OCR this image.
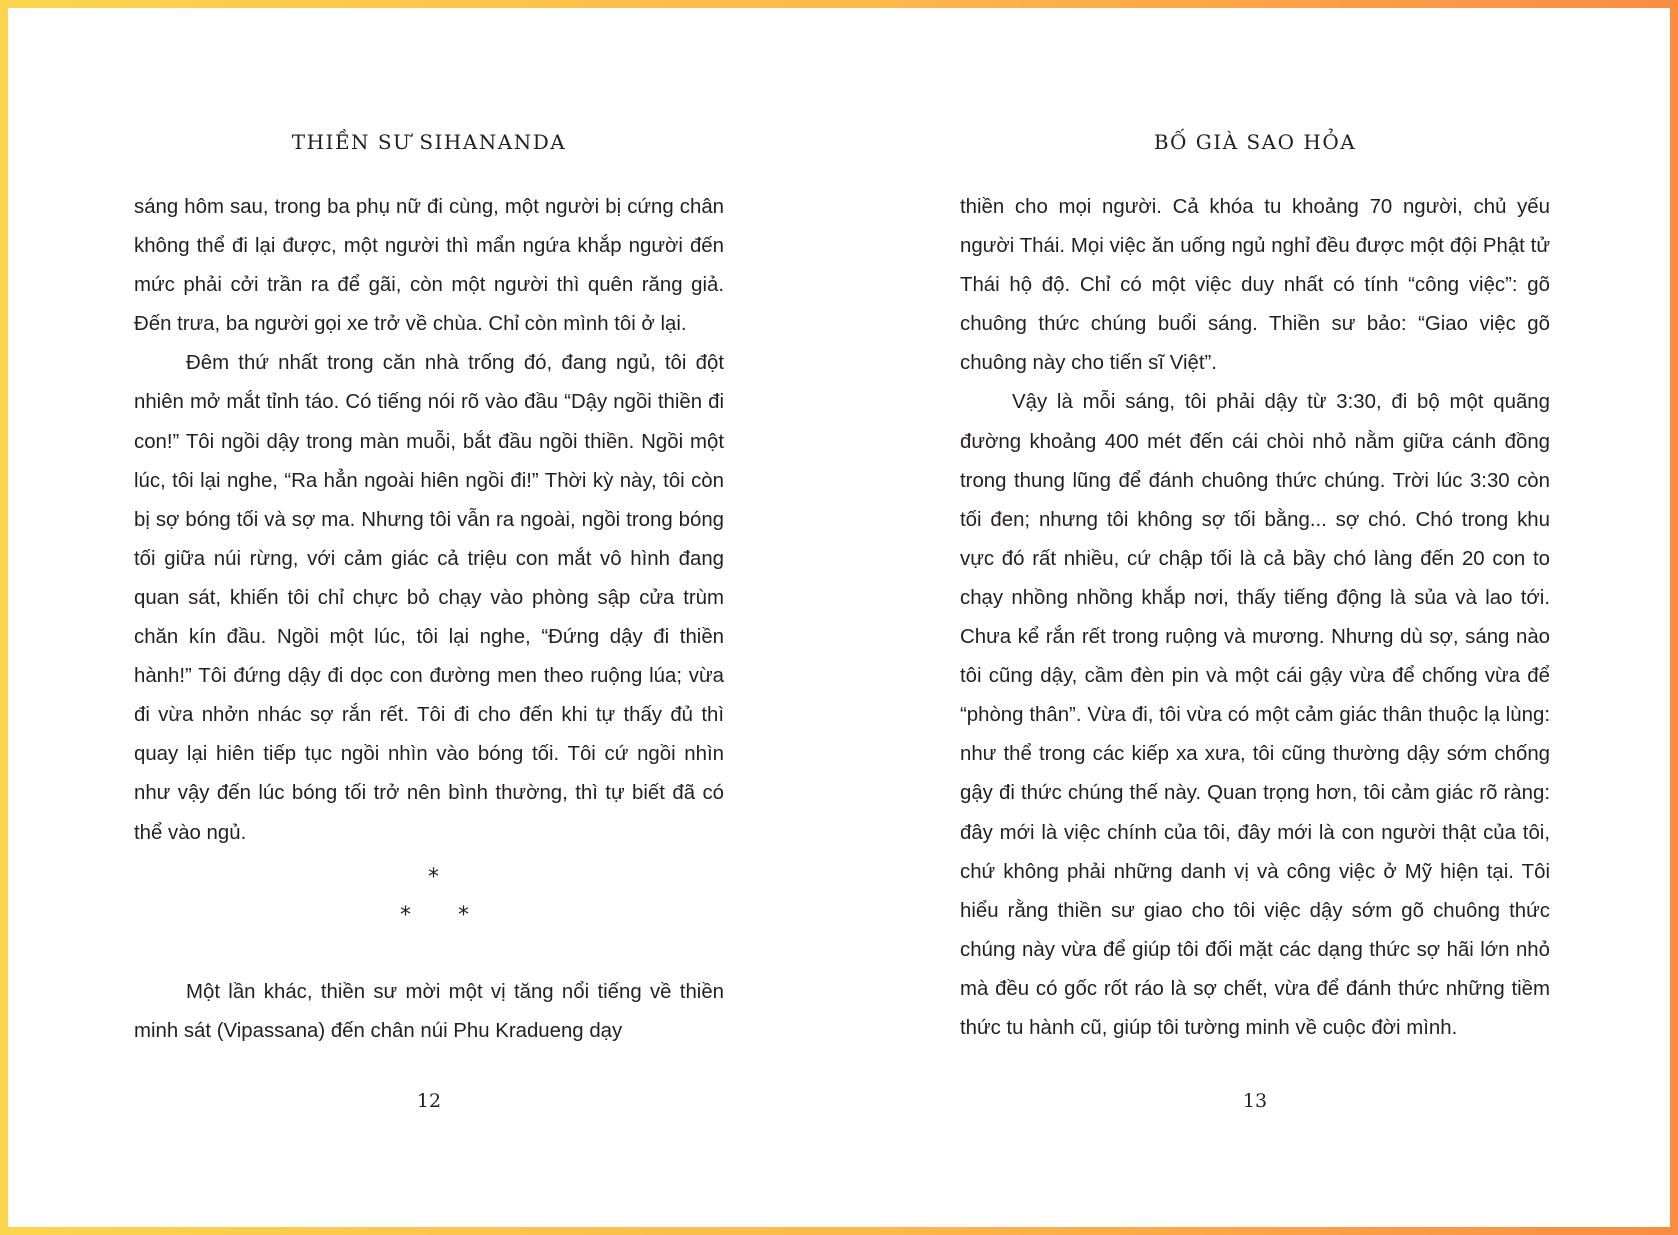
THIỀN SƯ SIHANANDA

sáng hôm sau, trong ba phụ nữ đi cùng, một người bị cứng chân không thể đi lại được, một người thì mẩn ngứa khắp người đến mức phải cởi trần ra để gãi, còn một người thì quên răng giả. Đến trưa, ba người gọi xe trở về chùa. Chỉ còn mình tôi ở lại.

Đêm thứ nhất trong căn nhà trống đó, đang ngủ, tôi đột nhiên mở mắt tỉnh táo. Có tiếng nói rõ vào đầu “Dậy ngồi thiền đi con!” Tôi ngồi dậy trong màn muỗi, bắt đầu ngồi thiền. Ngồi một lúc, tôi lại nghe, “Ra hẳn ngoài hiên ngồi đi!” Thời kỳ này, tôi còn bị sợ bóng tối và sợ ma. Nhưng tôi vẫn ra ngoài, ngồi trong bóng tối giữa núi rừng, với cảm giác cả triệu con mắt vô hình đang quan sát, khiến tôi chỉ chực bỏ chạy vào phòng sập cửa trùm chăn kín đầu. Ngồi một lúc, tôi lại nghe, “Đứng dậy đi thiền hành!” Tôi đứng dậy đi dọc con đường men theo ruộng lúa; vừa đi vừa nhởn nhác sợ rắn rết. Tôi đi cho đến khi tự thấy đủ thì quay lại hiên tiếp tục ngồi nhìn vào bóng tối. Tôi cứ ngồi nhìn như vậy đến lúc bóng tối trở nên bình thường, thì tự biết đã có thể vào ngủ.

*
* *

Một lần khác, thiền sư mời một vị tăng nổi tiếng về thiền minh sát (Vipassana) đến chân núi Phu Kradueng dạy

12
BỐ GIÀ SAO HỎA

thiền cho mọi người. Cả khóa tu khoảng 70 người, chủ yếu người Thái. Mọi việc ăn uống ngủ nghỉ đều được một đội Phật tử Thái hộ độ. Chỉ có một việc duy nhất có tính “công việc”: gõ chuông thức chúng buổi sáng. Thiền sư bảo: “Giao việc gõ chuông này cho tiến sĩ Việt”.

Vậy là mỗi sáng, tôi phải dậy từ 3:30, đi bộ một quãng đường khoảng 400 mét đến cái chòi nhỏ nằm giữa cánh đồng trong thung lũng để đánh chuông thức chúng. Trời lúc 3:30 còn tối đen; nhưng tôi không sợ tối bằng... sợ chó. Chó trong khu vực đó rất nhiều, cứ chập tối là cả bầy chó làng đến 20 con to chạy nhồng nhồng khắp nơi, thấy tiếng động là sủa và lao tới. Chưa kể rắn rết trong ruộng và mương. Nhưng dù sợ, sáng nào tôi cũng dậy, cầm đèn pin và một cái gậy vừa để chống vừa để “phòng thân”. Vừa đi, tôi vừa có một cảm giác thân thuộc lạ lùng: như thể trong các kiếp xa xưa, tôi cũng thường dậy sớm chống gậy đi thức chúng thế này. Quan trọng hơn, tôi cảm giác rõ ràng: đây mới là việc chính của tôi, đây mới là con người thật của tôi, chứ không phải những danh vị và công việc ở Mỹ hiện tại. Tôi hiểu rằng thiền sư giao cho tôi việc dậy sớm gõ chuông thức chúng này vừa để giúp tôi đối mặt các dạng thức sợ hãi lớn nhỏ mà đều có gốc rốt ráo là sợ chết, vừa để đánh thức những tiềm thức tu hành cũ, giúp tôi tường minh về cuộc đời mình.

13
